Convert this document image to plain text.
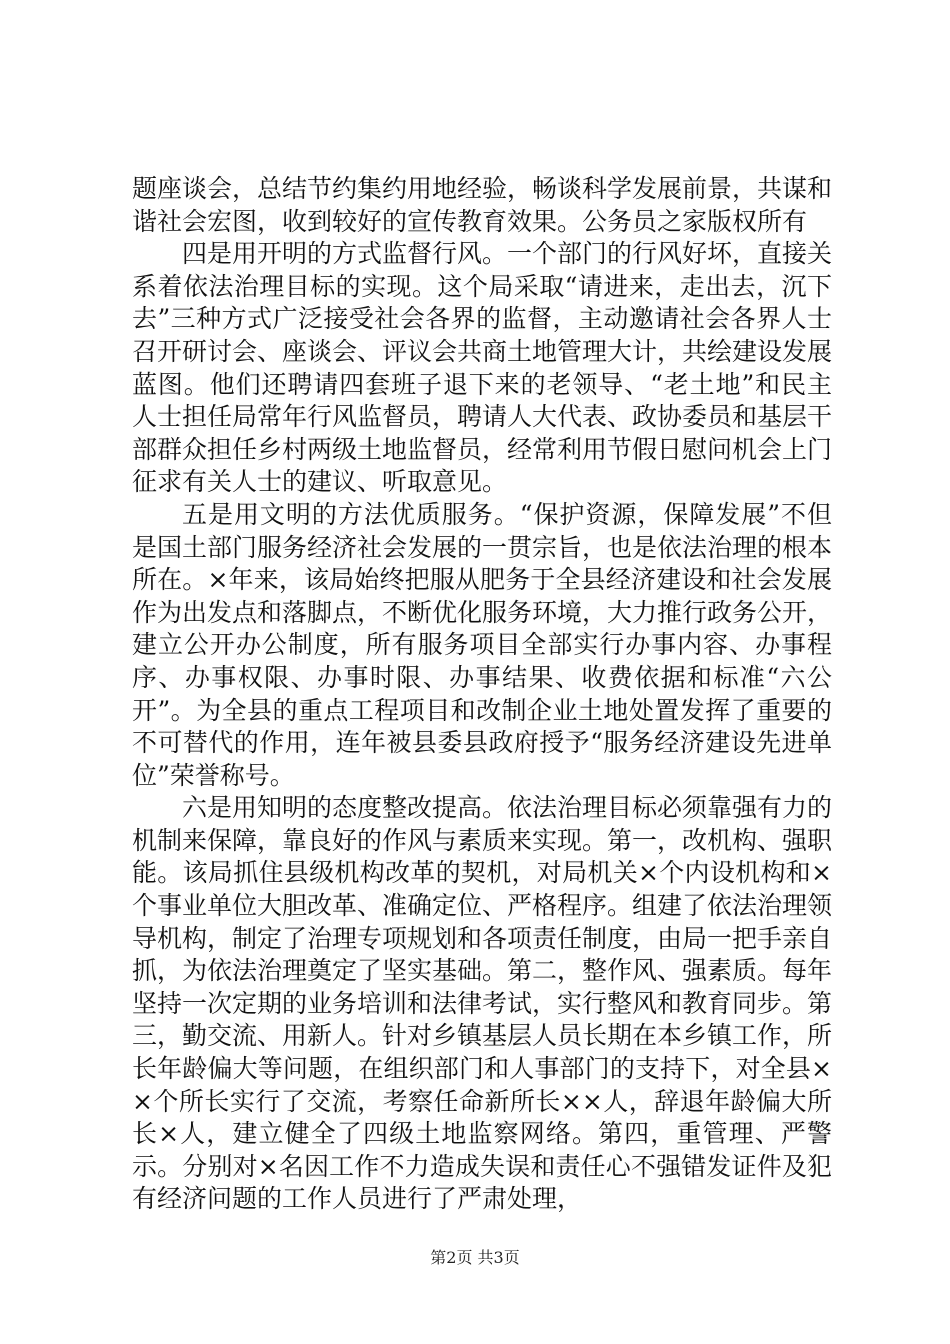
题座谈会，总结节约集约用地经验，畅谈科学发展前景，共谋和谐社会宏图，收到较好的宣传教育效果。公务员之家版权所有

四是用开明的方式监督行风。一个部门的行风好坏，直接关系着依法治理目标的实现。这个局采取“请进来，走出去，沉下去”三种方式广泛接受社会各界的监督，主动邀请社会各界人士召开研讨会、座谈会、评议会共商土地管理大计，共绘建设发展蓝图。他们还聘请四套班子退下来的老领导、“老土地”和民主人士担任局常年行风监督员，聘请人大代表、政协委员和基层干部群众担任乡村两级土地监督员，经常利用节假日慰问机会上门征求有关人士的建议、听取意见。

五是用文明的方法优质服务。“保护资源，保障发展”不但是国土部门服务经济社会发展的一贯宗旨，也是依法治理的根本所在。×年来，该局始终把服从肥务于全县经济建设和社会发展作为出发点和落脚点，不断优化服务环境，大力推行政务公开，建立公开办公制度，所有服务项目全部实行办事内容、办事程序、办事权限、办事时限、办事结果、收费依据和标准“六公开”。为全县的重点工程项目和改制企业土地处置发挥了重要的不可替代的作用，连年被县委县政府授予“服务经济建设先进单位”荣誉称号。

六是用知明的态度整改提高。依法治理目标必须靠强有力的机制来保障，靠良好的作风与素质来实现。第一，改机构、强职能。该局抓住县级机构改革的契机，对局机关×个内设机构和×个事业单位大胆改革、准确定位、严格程序。组建了依法治理领导机构，制定了治理专项规划和各项责任制度，由局一把手亲自抓，为依法治理奠定了坚实基础。第二，整作风、强素质。每年坚持一次定期的业务培训和法律考试，实行整风和教育同步。第三，勤交流、用新人。针对乡镇基层人员长期在本乡镇工作，所长年龄偏大等问题，在组织部门和人事部门的支持下，对全县××个所长实行了交流，考察任命新所长××人，辞退年龄偏大所长×人，建立健全了四级土地监察网络。第四，重管理、严警示。分别对×名因工作不力造成失误和责任心不强错发证件及犯有经济问题的工作人员进行了严肃处理，

第2页 共3页
